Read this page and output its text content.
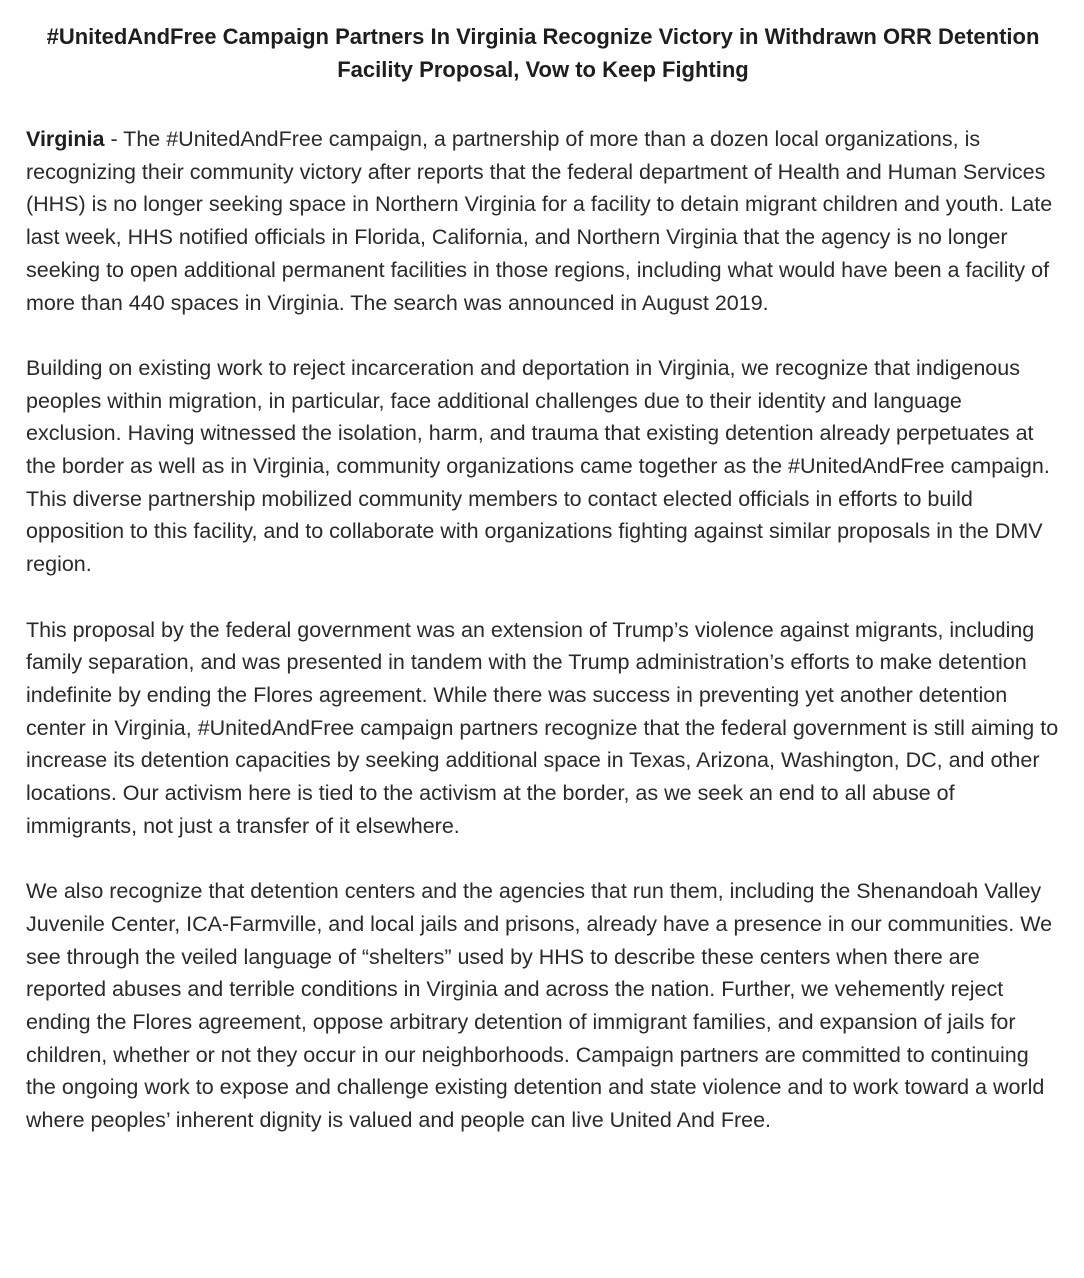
#UnitedAndFree Campaign Partners In Virginia Recognize Victory in Withdrawn ORR Detention Facility Proposal, Vow to Keep Fighting

Virginia - The #UnitedAndFree campaign, a partnership of more than a dozen local organizations, is recognizing their community victory after reports that the federal department of Health and Human Services (HHS) is no longer seeking space in Northern Virginia for a facility to detain migrant children and youth. Late last week, HHS notified officials in Florida, California, and Northern Virginia that the agency is no longer seeking to open additional permanent facilities in those regions, including what would have been a facility of more than 440 spaces in Virginia. The search was announced in August 2019.

Building on existing work to reject incarceration and deportation in Virginia, we recognize that indigenous peoples within migration, in particular, face additional challenges due to their identity and language exclusion. Having witnessed the isolation, harm, and trauma that existing detention already perpetuates at the border as well as in Virginia, community organizations came together as the #UnitedAndFree campaign. This diverse partnership mobilized community members to contact elected officials in efforts to build opposition to this facility, and to collaborate with organizations fighting against similar proposals in the DMV region.

This proposal by the federal government was an extension of Trump’s violence against migrants, including family separation, and was presented in tandem with the Trump administration’s efforts to make detention indefinite by ending the Flores agreement. While there was success in preventing yet another detention center in Virginia, #UnitedAndFree campaign partners recognize that the federal government is still aiming to increase its detention capacities by seeking additional space in Texas, Arizona, Washington, DC, and other locations. Our activism here is tied to the activism at the border, as we seek an end to all abuse of immigrants, not just a transfer of it elsewhere.

We also recognize that detention centers and the agencies that run them, including the Shenandoah Valley Juvenile Center, ICA-Farmville, and local jails and prisons, already have a presence in our communities. We see through the veiled language of “shelters” used by HHS to describe these centers when there are reported abuses and terrible conditions in Virginia and across the nation. Further, we vehemently reject ending the Flores agreement, oppose arbitrary detention of immigrant families, and expansion of jails for children, whether or not they occur in our neighborhoods. Campaign partners are committed to continuing the ongoing work to expose and challenge existing detention and state violence and to work toward a world where peoples’ inherent dignity is valued and people can live United And Free.
